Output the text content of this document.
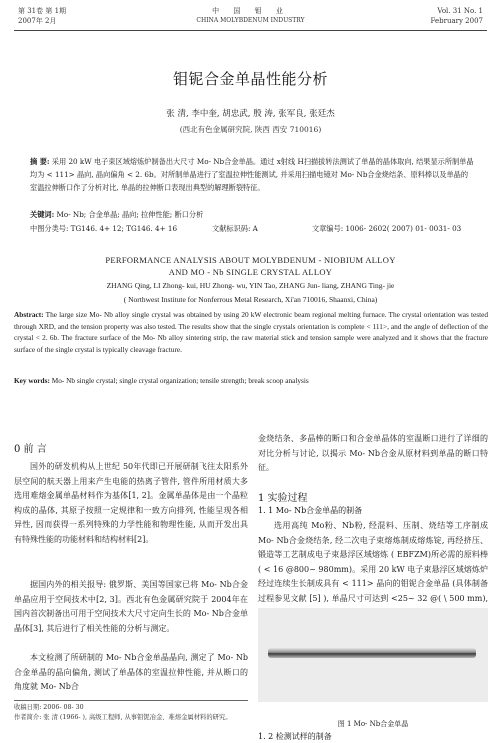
第 31卷 第 1期
2007年 2月
中 国 钼 业
CHINA MOLYBDENUM INDUSTRY
Vol. 31 No. 1
February 2007
钼铌合金单晶性能分析
张 清, 李中奎, 胡忠武, 殷 涛, 张军良, 张廷杰
(西北有色金属研究院, 陕西 西安 710016)
摘 要: 采用 20 kW 电子束区域熔炼炉制备出大尺寸 Mo- Nb合金单晶。通过 x射线 H扫描拔转法测试了单晶的晶体取向, 结果显示所制单晶均为 < 111> 晶向, 晶向偏角 < 2. 6b。对所制单晶进行了室温拉伸性能测试, 并采用扫描电镜对 Mo- Nb合金烧结条、原料棒以及单晶的室温拉伸断口作了分析对比, 单晶的拉伸断口表现出典型的解理断裂特征。
关键词: Mo- Nb; 合金单晶; 晶向; 拉伸性能; 断口分析
中图分类号: TG146. 4+ 12; TG146. 4+ 16	文献标识码: A	文章编号: 1006- 2602( 2007) 01- 0031- 03
PERFORMANCE ANALYSIS ABOUT MOLYBDENUM - NIOBIUM ALLOY
AND MO - Nb SINGLE CRYSTAL ALLOY
ZHANG Qing, LI Zhong- kui, HU Zhong- wu, YIN Tao, ZHANG Jun- liang, ZHANG Ting- jie
( Northwest Institute for Nonferrous Metal Research, Xi'an 710016, Shaanxi, China)
Abstract: The large size Mo- Nb alloy single crystal was obtained by using 20 kW electronic beam regional melting furnace. The crystal orientation was tested through XRD, and the tension property was also tested. The results show that the single crystals orientation is complete < 111>, and the angle of deflection of the crystal < 2. 6b. The fracture surface of the Mo- Nb alloy sintering strip, the raw material stick and tension sample were analyzed and it shows that the fracture surface of the single crystal is typically cleavage fracture.
Key words: Mo- Nb single crystal; single crystal organization; tensile strength; break scoop analysis
0 前 言
国外的研发机构从上世纪 50年代即已开展研制飞往太阳系外层空间的航天器上用来产生电能的热离子管件, 管件所用材质大多选用难熔金属单晶材料作为基体[1, 2]。金属单晶体是由一个晶粒构成的晶体, 其原子按照一定规律和一致方向排列, 性能呈现各相异性, 因而获得一系列特殊的力学性能和物理性能, 从而开发出具有特殊性能的功能材料和结构材料[2]。
据国内外的相关报导: 俄罗斯、美国等国家已将 Mo- Nb合金单晶应用于空间技术中[2, 3]。西北有色金属研究院于 2004年在国内首次制备出可用于空间技术大尺寸定向生长的 Mo- Nb合金单晶体[3], 其后进行了相关性能的分析与测定。
本文检测了所研制的 Mo- Nb合金单晶晶向, 测定了 Mo- Nb合金单晶的晶向偏角, 测试了单晶体的室温拉伸性能, 并从断口的角度就 Mo- Nb合
收稿日期: 2006- 08- 30
作者简介: 张 清 (1966- ), 高级工程师, 从事钼铌冶金、难熔金属材料的研究。
金烧结条、多晶棒的断口和合金单晶体的室温断口进行了详细的对比分析与讨论, 以揭示 Mo- Nb合金从原材料到单晶的断口特征。
1 实验过程
1. 1 Mo- Nb合金单晶的制备
选用高纯 Mo粉、Nb粉, 经混料、压制、烧结等工序制成 Mo- Nb合金烧结条, 经二次电子束熔炼制成熔炼锭, 再经挤压、锻造等工艺制成电子束悬浮区域熔炼 ( EBFZM)所必需的原料棒 ( < 16 @800~ 980mm)。采用 20 kW 电子束悬浮区域熔炼炉经过连续生长制成具有 < 111> 晶向的钼铌合金单晶 (具体制备过程参见文献 [5] ), 单晶尺寸可达到 <25~ 32 @( \ 500 mm),
图 1 Mo- Nb合金单晶
1. 2 检测试样的制备
